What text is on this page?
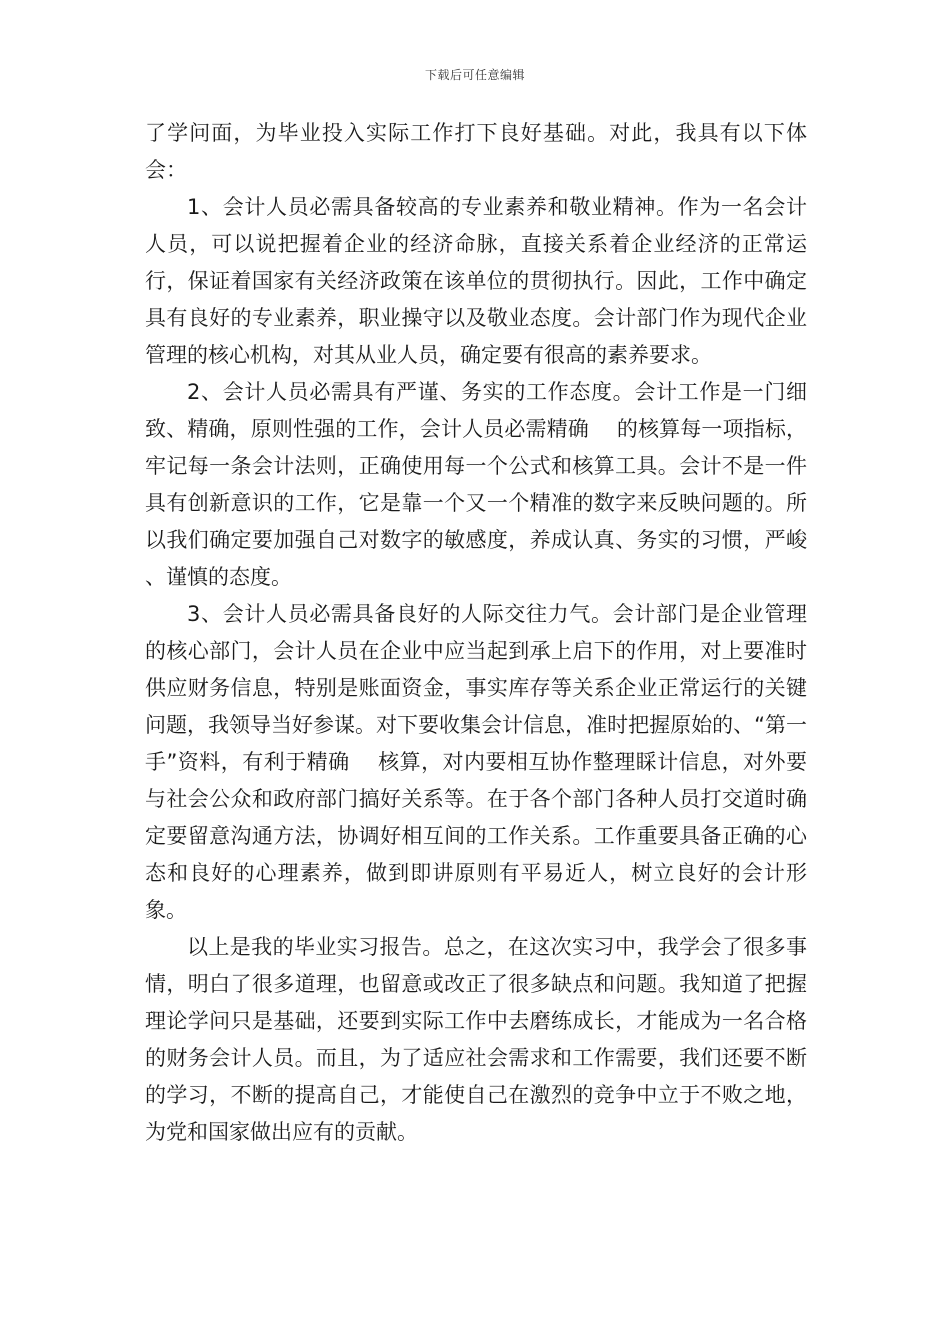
下载后可任意编辑

了学问面，为毕业投入实际工作打下良好基础。对此，我具有以下体会：

1、会计人员必需具备较高的专业素养和敬业精神。作为一名会计人员，可以说把握着企业的经济命脉，直接关系着企业经济的正常运行，保证着国家有关经济政策在该单位的贯彻执行。因此，工作中确定具有良好的专业素养，职业操守以及敬业态度。会计部门作为现代企业管理的核心机构，对其从业人员，确定要有很高的素养要求。

2、会计人员必需具有严谨、务实的工作态度。会计工作是一门细致、精确，原则性强的工作，会计人员必需精确　 的核算每一项指标，牢记每一条会计法则，正确使用每一个公式和核算工具。会计不是一件具有创新意识的工作，它是靠一个又一个精准的数字来反映问题的。所以我们确定要加强自己对数字的敏感度，养成认真、务实的习惯，严峻 、谨慎的态度。

3、会计人员必需具备良好的人际交往力气。会计部门是企业管理的核心部门，会计人员在企业中应当起到承上启下的作用，对上要准时供应财务信息，特别是账面资金，事实库存等关系企业正常运行的关键问题，我领导当好参谋。对下要收集会计信息，准时把握原始的、“第一手”资料，有利于精确　 核算，对内要相互协作整理睬计信息，对外要与社会公众和政府部门搞好关系等。在于各个部门各种人员打交道时确定要留意沟通方法，协调好相互间的工作关系。工作重要具备正确的心态和良好的心理素养，做到即讲原则有平易近人，树立良好的会计形象。

以上是我的毕业实习报告。总之，在这次实习中，我学会了很多事情，明白了很多道理，也留意或改正了很多缺点和问题。我知道了把握理论学问只是基础，还要到实际工作中去磨练成长，才能成为一名合格的财务会计人员。而且，为了适应社会需求和工作需要，我们还要不断的学习，不断的提高自己，才能使自己在激烈的竞争中立于不败之地，为党和国家做出应有的贡献。
